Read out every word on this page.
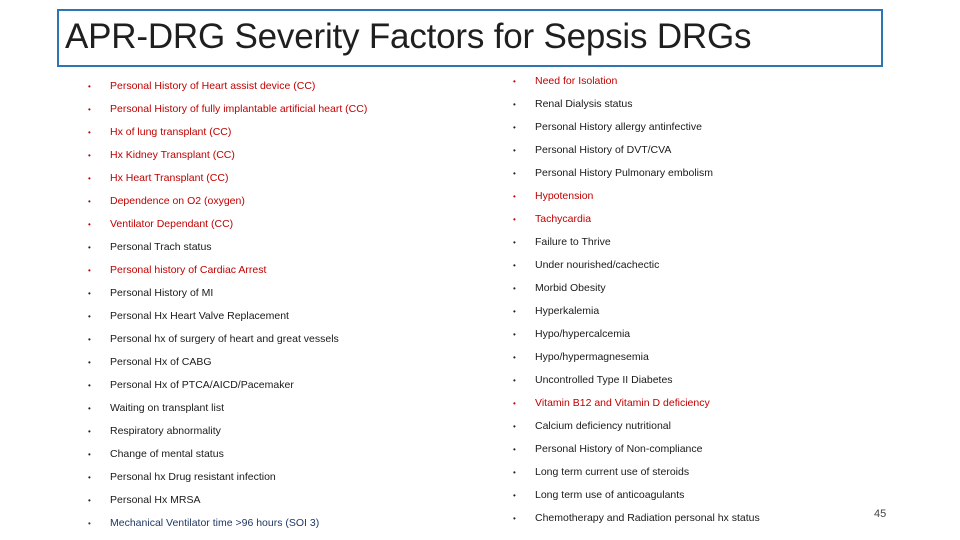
APR-DRG Severity Factors for Sepsis DRGs
• Personal History of Heart assist device (CC)
• Personal History of fully implantable artificial heart (CC)
• Hx of lung transplant (CC)
• Hx Kidney Transplant (CC)
• Hx Heart Transplant (CC)
• Dependence on O2 (oxygen)
• Ventilator Dependant (CC)
• Personal Trach status
• Personal history of Cardiac Arrest
• Personal History of MI
• Personal Hx Heart Valve Replacement
• Personal hx of surgery of heart and great vessels
• Personal Hx of CABG
• Personal Hx of PTCA/AICD/Pacemaker
• Waiting on transplant list
• Respiratory abnormality
• Change of mental status
• Personal hx Drug resistant infection
• Personal Hx MRSA
• Mechanical Ventilator time >96 hours (SOI 3)
• Need for Isolation
• Renal Dialysis status
• Personal History allergy antinfective
• Personal History of DVT/CVA
• Personal History Pulmonary embolism
• Hypotension
• Tachycardia
• Failure to Thrive
• Under nourished/cachectic
• Morbid Obesity
• Hyperkalemia
• Hypo/hypercalcemia
• Hypo/hypermagnesemia
• Uncontrolled Type II Diabetes
• Vitamin B12 and Vitamin D deficiency
• Calcium deficiency nutritional
• Personal History of Non-compliance
• Long term current use of steroids
• Long term use of anticoagulants
• Chemotherapy and Radiation personal hx status	45
